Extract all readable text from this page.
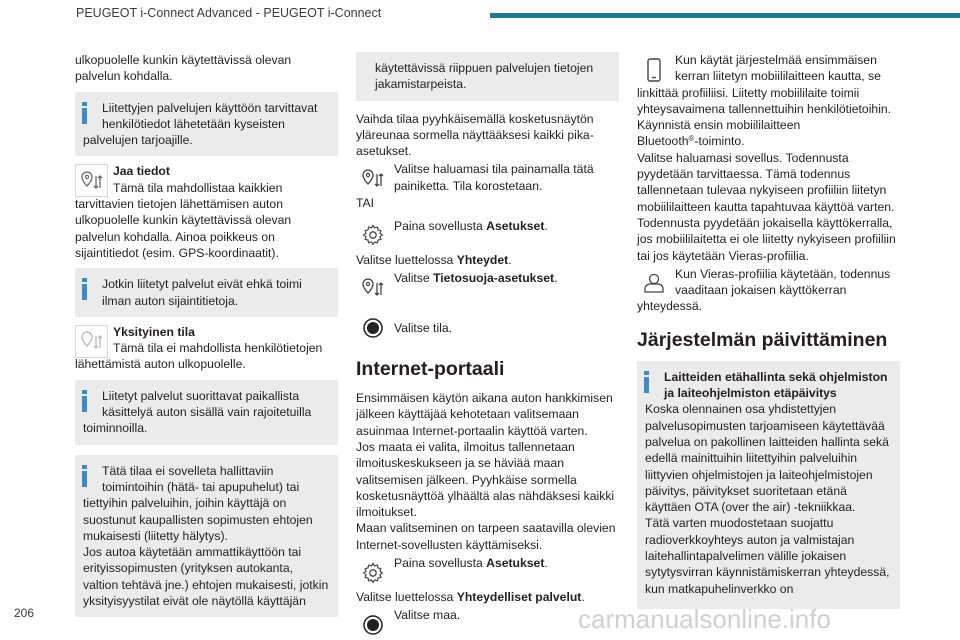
PEUGEOT i-Connect Advanced - PEUGEOT i-Connect

ulkopuolelle kunkin käytettävissä olevan palvelun kohdalla.

Liitettyjen palvelujen käyttöön tarvittavat henkilötiedot lähetetään kyseisten
palvelujen tarjoajille.
Jaa tiedot
Tämä tila mahdollistaa kaikkien
tarvittavien tietojen lähettämisen auton ulkopuolelle kunkin käytettävissä olevan palvelun kohdalla. Ainoa poikkeus on sijaintitiedot (esim. GPS-koordinaatit).
Jotkin liitetyt palvelut eivät ehkä toimi ilman auton sijaintitietoja.
Yksityinen tila
Tämä tila ei mahdollista henkilötietojen
lähettämistä auton ulkopuolelle.
Liitetyt palvelut suorittavat paikallista käsittelyä auton sisällä vain rajoitetuilla
toiminnoilla.
Tätä tilaa ei sovelleta hallittaviin toimintoihin (hätä- tai apupuhelut) tai
tiettyihin palveluihin, joihin käyttäjä on suostunut kaupallisten sopimusten ehtojen mukaisesti (liitetty hälytys).
Jos autoa käytetään ammattikäyttöön tai erityissopimusten (yrityksen autokanta, valtion tehtävä jne.) ehtojen mukaisesti, jotkin yksityisyystilat eivät ole näytöllä käyttäjän
käytettävissä riippuen palvelujen tietojen jakamistarpeista.

Vaihda tilaa pyyhkäisemällä kosketusnäytön yläreunaa sormella näyttääksesi kaikki pika-asetukset.

Valitse haluamasi tila painamalla tätä painiketta. Tila korostetaan.

TAI

Paina sovellusta Asetukset.

Valitse luettelossa Yhteydet.

Valitse Tietosuoja-asetukset.
Valitse tila.
Internet-portaali

Ensimmäisen käytön aikana auton hankkimisen jälkeen käyttäjää kehotetaan valitsemaan asuinmaa Internet-portaalin käyttöä varten.

Jos maata ei valita, ilmoitus tallennetaan ilmoituskeskukseen ja se häviää maan valitsemisen jälkeen. Pyyhkäise sormella kosketusnäyttöä ylhäältä alas nähdäksesi kaikki ilmoitukset.

Maan valitseminen on tarpeen saatavilla olevien Internet-sovellusten käyttämiseksi.

Paina sovellusta Asetukset.

Valitse luettelossa Yhteydelliset palvelut.

Valitse maa.
Kun käytät järjestelmää ensimmäisen
kerran liitetyn mobiililaitteen kautta, se
linkittää profiiliisi. Liitetty mobiililaite toimii yhteysavaimena tallennettuihin henkilötietoihin.

Käynnistä ensin mobiililaitteen

Bluetooth®-toiminto.

Valitse haluamasi sovellus. Todennusta pyydetään tarvittaessa. Tämä todennus tallennetaan tulevaa nykyiseen profiiliin liitetyn mobiililaitteen kautta tapahtuvaa käyttöä varten. Todennusta pyydetään jokaisella käyttökerralla, jos mobiililaitetta ei ole liitetty nykyiseen profiiliin tai jos käytetään Vieras-profiilia.

Kun Vieras-profiilia käytetään, todennus
vaaditaan jokaisen käyttökerran
yhteydessä.
Järjestelmän päivittäminen
Laitteiden etähallinta sekä ohjelmiston
ja laiteohjelmiston etäpäivitys
Koska olennainen osa yhdistettyjen palvelusopimusten tarjoamiseen käytettävää palvelua on pakollinen laitteiden hallinta sekä edellä mainittuihin liitettyihin palveluihin liittyvien ohjelmistojen ja laiteohjelmistojen päivitys, päivitykset suoritetaan etänä käyttäen OTA (over the air) -tekniikkaa.
Tätä varten muodostetaan suojattu radioverkkoyhteys auton ja valmistajan laitehallintapalvelimen välille jokaisen sytytysvirran käynnistämiskerran yhteydessä, kun matkapuhelinverkko on
206	carmanualsonline.info
